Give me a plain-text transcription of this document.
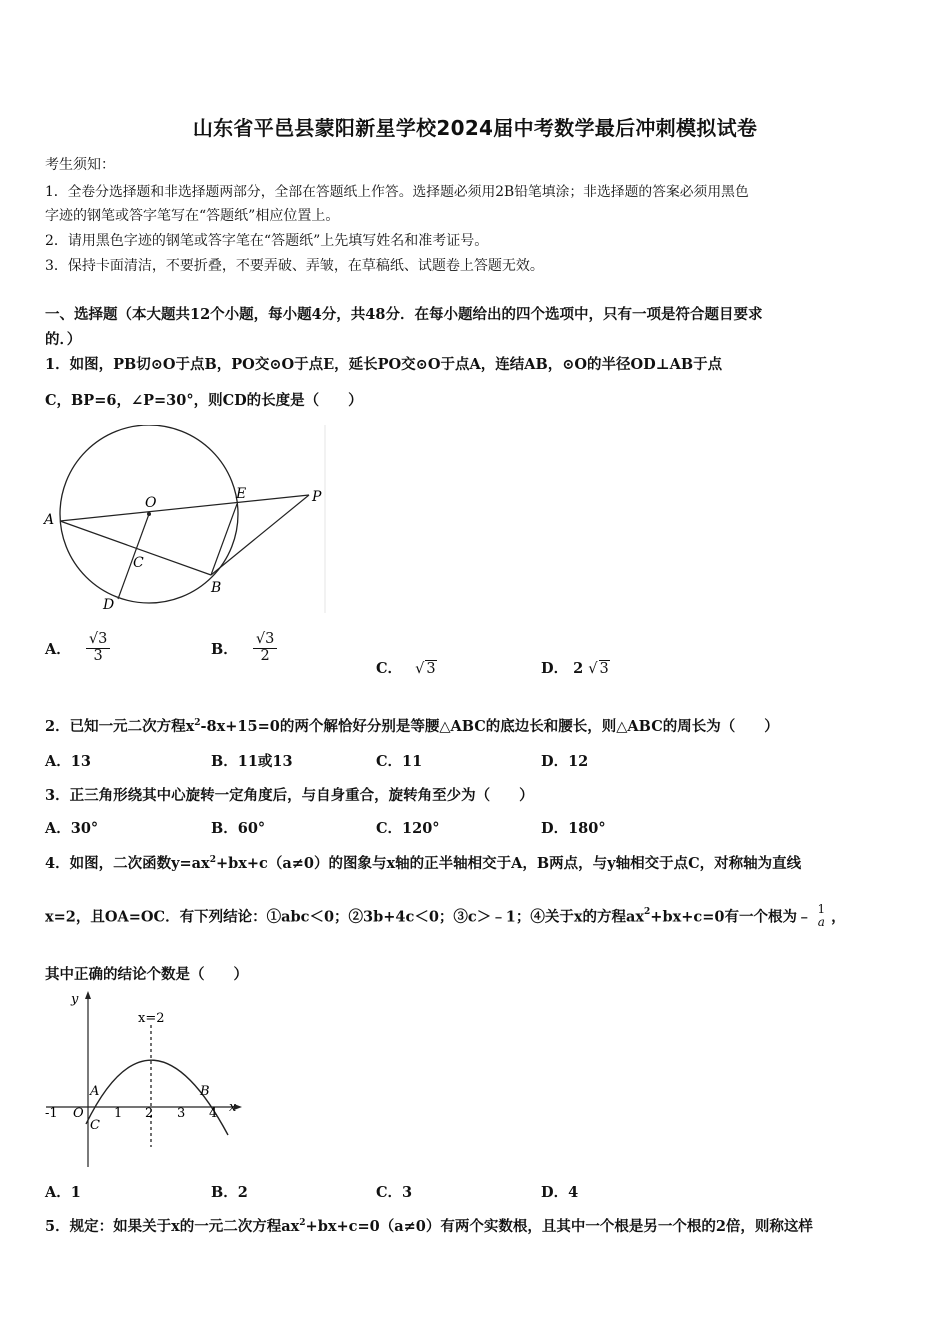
山东省平邑县蒙阳新星学校2024届中考数学最后冲刺模拟试卷
考生须知：
1．全卷分选择题和非选择题两部分，全部在答题纸上作答。选择题必须用2B铅笔填涂；非选择题的答案必须用黑色
字迹的钢笔或答字笔写在“答题纸”相应位置上。
2．请用黑色字迹的钢笔或答字笔在“答题纸”上先填写姓名和准考证号。
3．保持卡面清洁，不要折叠，不要弄破、弄皱，在草稿纸、试题卷上答题无效。
一、选择题（本大题共12个小题，每小题4分，共48分．在每小题给出的四个选项中，只有一项是符合题目要求
的．）
1．如图，PB切⊙O于点B，PO交⊙O于点E，延长PO交⊙O于点A，连结AB，⊙O的半径OD⊥AB于点
C，BP=6，∠P=30°，则CD的长度是（　　）
A
O
E	P
C
B
D
A． $\frac{√3}{3}$	B． $\frac{√3}{2}$
C． √ 3	D． 2 √ 3
2．已知一元二次方程$x^2-8x+15=0$的两个解恰好分别是等腰△ABC的底边长和腰长，则△ABC的周长为（　　）
A．13	B．11或13	C．11	D．12
3．正三角形绕其中心旋转一定角度后，与自身重合，旋转角至少为（　　）
A．30°	B．60°	C．120°	D．180°
4．如图，二次函数$y=ax^2+bx+c(a\ne 0)$的图象与x轴的正半轴相交于A，B两点，与y轴相交于点C，对称轴为直线
x=2，且OA=OC．有下列结论：①abc＜0；②3b+4c＜0；③c＞﹣1；④关于x的方程$ax^2+bx+c=0$有一个根为﹣ 1
a ，
其中正确的结论个数是（　　）
y
x
x=2
A	B
O
C
-1	1 2 3 4
A．1	B．2	C．3	D．4
5．规定：如果关于x的一元二次方程$ax^2+bx+c=0(a\ne 0)$有两个实数根，且其中一个根是另一个根的2倍，则称这样
